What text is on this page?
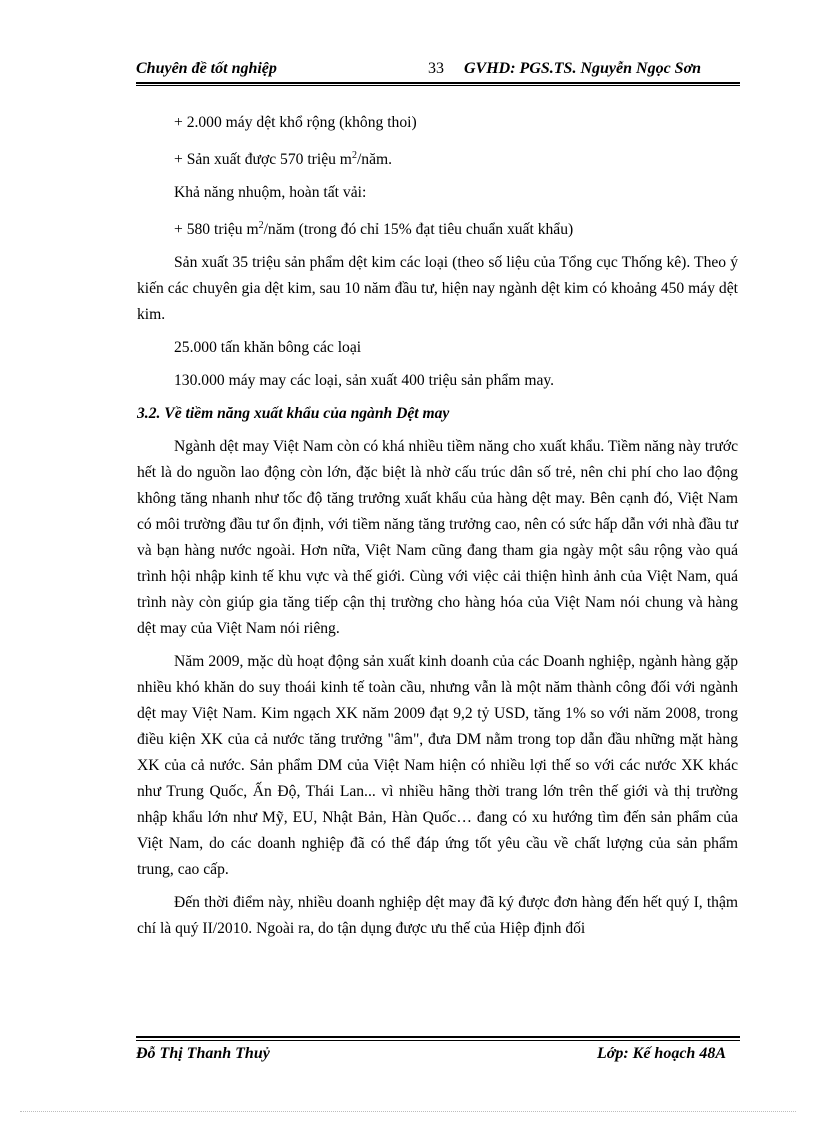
Chuyên đề tốt nghiệp	33 GVHD: PGS.TS. Nguyễn Ngọc Sơn

+ 2.000 máy dệt khổ rộng (không thoi)

+ Sản xuất được 570 triệu $m^2$/năm.

Khả năng nhuộm, hoàn tất vải:

+ 580 triệu $m^2$/năm (trong đó chỉ 15% đạt tiêu chuẩn xuất khẩu)

Sản xuất 35 triệu sản phẩm dệt kim các loại (theo số liệu của Tổng cục Thống kê). Theo ý kiến các chuyên gia dệt kim, sau 10 năm đầu tư, hiện nay ngành dệt kim có khoảng 450 máy dệt kim.

25.000 tấn khăn bông các loại

130.000 máy may các loại, sản xuất 400 triệu sản phẩm may.

3.2. Về tiềm năng xuất khẩu của ngành Dệt may

Ngành dệt may Việt Nam còn có khá nhiều tiềm năng cho xuất khẩu. Tiềm năng này trước hết là do nguồn lao động còn lớn, đặc biệt là nhờ cấu trúc dân số trẻ, nên chi phí cho lao động không tăng nhanh như tốc độ tăng trưởng xuất khẩu của hàng dệt may. Bên cạnh đó, Việt Nam có môi trường đầu tư ổn định, với tiềm năng tăng trưởng cao, nên có sức hấp dẫn với nhà đầu tư và bạn hàng nước ngoài. Hơn nữa, Việt Nam cũng đang tham gia ngày một sâu rộng vào quá trình hội nhập kinh tế khu vực và thế giới. Cùng với việc cải thiện hình ảnh của Việt Nam, quá trình này còn giúp gia tăng tiếp cận thị trường cho hàng hóa của Việt Nam nói chung và hàng dệt may của Việt Nam nói riêng.

Năm 2009, mặc dù hoạt động sản xuất kinh doanh của các Doanh nghiệp, ngành hàng gặp nhiều khó khăn do suy thoái kinh tế toàn cầu, nhưng vẫn là một năm thành công đối với ngành dệt may Việt Nam. Kim ngạch XK năm 2009 đạt 9,2 tỷ USD, tăng 1% so với năm 2008, trong điều kiện XK của cả nước tăng trưởng "âm", đưa DM nằm trong top dẫn đầu những mặt hàng XK của cả nước. Sản phẩm DM của Việt Nam hiện có nhiều lợi thế so với các nước XK khác như Trung Quốc, Ấn Độ, Thái Lan... vì nhiều hãng thời trang lớn trên thế giới và thị trường nhập khẩu lớn như Mỹ, EU, Nhật Bản, Hàn Quốc… đang có xu hướng tìm đến sản phẩm của Việt Nam, do các doanh nghiệp đã có thể đáp ứng tốt yêu cầu về chất lượng của sản phẩm trung, cao cấp.

Đến thời điểm này, nhiều doanh nghiệp dệt may đã ký được đơn hàng đến hết quý I, thậm chí là quý II/2010. Ngoài ra, do tận dụng được ưu thế của Hiệp định đối

Đỗ Thị Thanh Thuỷ	Lớp: Kế hoạch 48A
